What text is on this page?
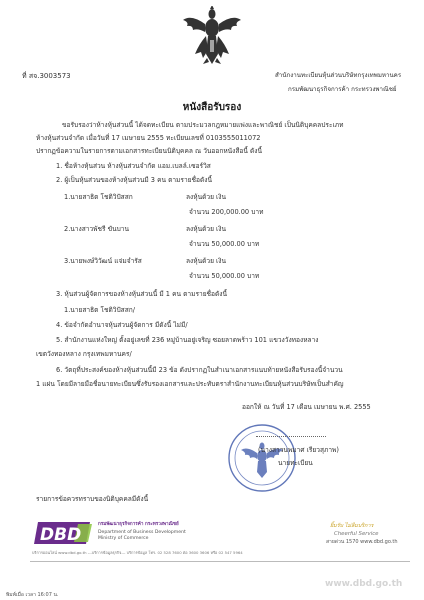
ที่ สจ.3003573	สำนักงานทะเบียนหุ้นส่วนบริษัทกรุงเทพมหานคร
กรมพัฒนาธุรกิจการค้า กระทรวงพาณิชย์
หนังสือรับรอง
ขอรับรองว่าห้างหุ้นส่วนนี้ ได้จดทะเบียน ตามประมวลกฎหมายแพ่งและพาณิชย์ เป็นนิติบุคคลประเภท
ห้างหุ้นส่วนจำกัด เมื่อวันที่ 17 เมษายน 2555 ทะเบียนเลขที่ 0103555011072
ปรากฏข้อความในรายการตามเอกสารทะเบียนนิติบุคคล ณ วันออกหนังสือนี้ ดังนี้
1. ชื่อห้างหุ้นส่วน ห้างหุ้นส่วนจำกัด แอม.เบลล์.เซอร์วิส
2. ผู้เป็นหุ้นส่วนของห้างหุ้นส่วนมี 3 คน ตามรายชื่อดังนี้
1.นายสาธิต โชติวิปัสสก	ลงหุ้นด้วย เงิน
จำนวน 200,000.00 บาท
2.นางสาวพัชรี ขันบาน	ลงหุ้นด้วย เงิน
จำนวน 50,000.00 บาท
3.นายพงษ์วิวัฒน์ แจ่มจำรัส	ลงหุ้นด้วย เงิน
จำนวน 50,000.00 บาท
3. หุ้นส่วนผู้จัดการของห้างหุ้นส่วนนี้ มี 1 คน ตามรายชื่อดังนี้
1.นายสาธิต โชติวิปัสสก/
4. ข้อจำกัดอำนาจหุ้นส่วนผู้จัดการ มีดังนี้ ไม่มี/
5. สำนักงานแห่งใหญ่ ตั้งอยู่เลขที่ 236 หมู่บ้านอยู่เจริญ ซอยลาดพร้าว 101 แขวงวังทองหลาง
เขตวังทองหลาง กรุงเทพมหานคร/
6. วัตถุที่ประสงค์ของห้างหุ้นส่วนนี้มี 23 ข้อ ดังปรากฏในสำเนาเอกสารแนบท้ายหนังสือรับรองนี้จำนวน
1 แผ่น โดยมีลายมือชื่อนายทะเบียนซึ่งรับรองเอกสารและประทับตราสำนักงานทะเบียนหุ้นส่วนบริษัทเป็นสำคัญ
ออกให้ ณ วันที่ 17 เดือน เมษายน พ.ศ. 2555
(นางสาวนพมาศ เรียวสุภาพ)
นายทะเบียน
รายการข้อควรทราบของนิติบุคคลมีดังนี้
DBD
กรมพัฒนาธุรกิจการค้า กระทรวงพาณิชย์
Department of Business Development
Ministry of Commerce
ยิ้มรับ ไม่ลืมบริการ
Cheerful Service
สายด่วน 1570 www.dbd.go.th
บริการออนไลน์ www.dbd.go.th ---บริการข้อมูลธุรกิจ--- บริการข้อมูล โทร. 02 528 7600 ต่อ 3600 3606 หรือ 02 547 5964
พิมพ์เมื่อ เวลา 16:07 น.
www.dbd.go.th
